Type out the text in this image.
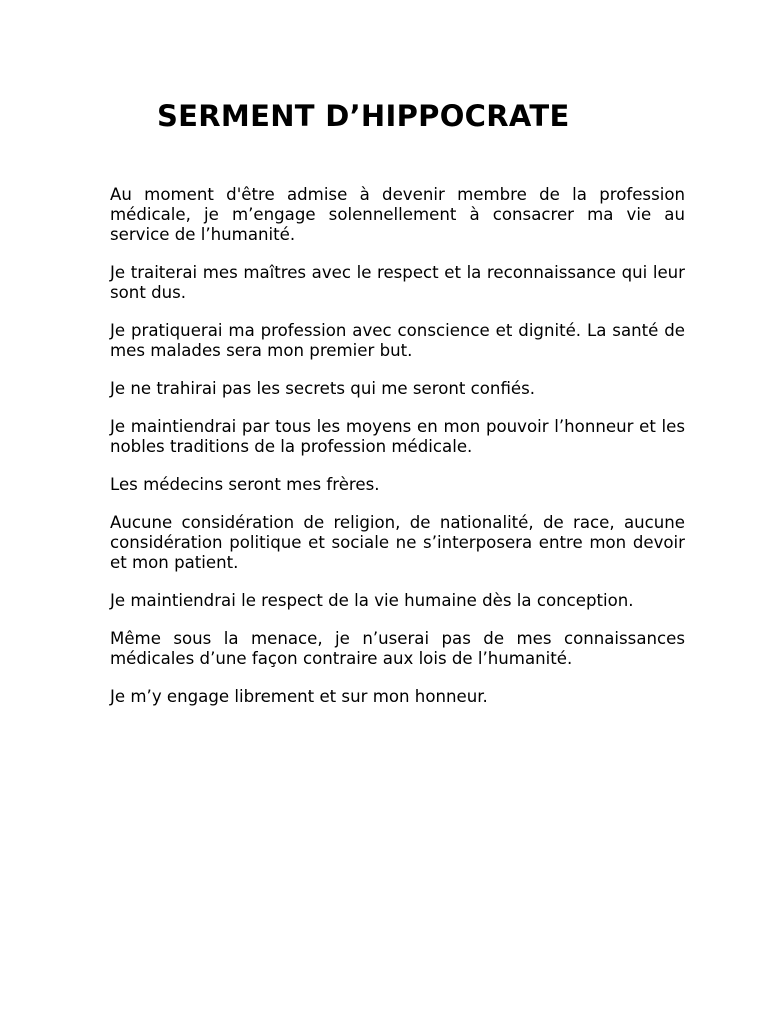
SERMENT D’HIPPOCRATE

Au moment d'être admise à devenir membre de la profession médicale, je m’engage solennellement à consacrer ma vie au service de l’humanité.

Je traiterai mes maîtres avec le respect et la reconnaissance qui leur sont dus.

Je pratiquerai ma profession avec conscience et dignité. La santé de mes malades sera mon premier but.

Je ne trahirai pas les secrets qui me seront confiés.

Je maintiendrai par tous les moyens en mon pouvoir l’honneur et les nobles traditions de la profession médicale.

Les médecins seront mes frères.

Aucune considération de religion, de nationalité, de race, aucune considération politique et sociale ne s’interposera entre mon devoir et mon patient.

Je maintiendrai le respect de la vie humaine dès la conception.

Même sous la menace, je n’userai pas de mes connaissances médicales d’une façon contraire aux lois de l’humanité.

Je m’y engage librement et sur mon honneur.
